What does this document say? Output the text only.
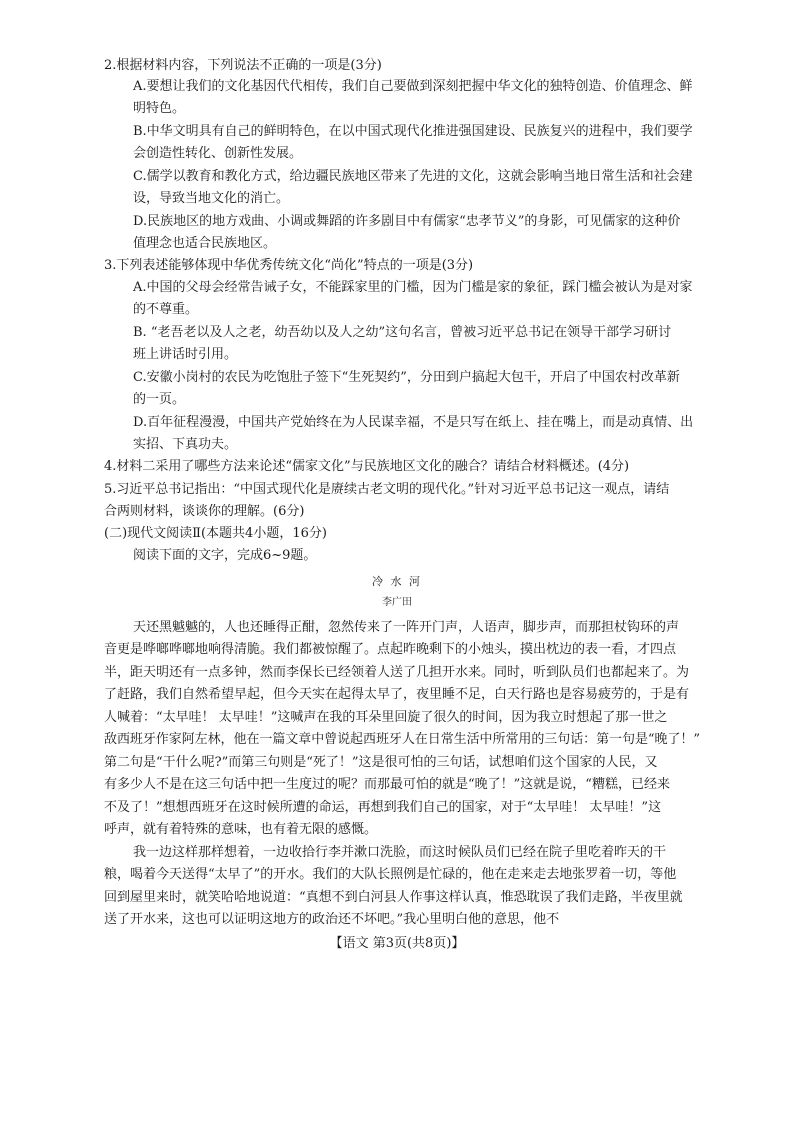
2.根据材料内容，下列说法不正确的一项是(3分)
A.要想让我们的文化基因代代相传，我们自己要做到深刻把握中华文化的独特创造、价值理念、鲜
明特色。
B.中华文明具有自己的鲜明特色，在以中国式现代化推进强国建设、民族复兴的进程中，我们要学
会创造性转化、创新性发展。
C.儒学以教育和教化方式，给边疆民族地区带来了先进的文化，这就会影响当地日常生活和社会建
设，导致当地文化的消亡。
D.民族地区的地方戏曲、小调或舞蹈的许多剧目中有儒家“忠孝节义”的身影，可见儒家的这种价
值理念也适合民族地区。
3.下列表述能够体现中华优秀传统文化“尚化”特点的一项是(3分)
A.中国的父母会经常告诫子女，不能踩家里的门槛，因为门槛是家的象征，踩门槛会被认为是对家
的不尊重。
B. “老吾老以及人之老，幼吾幼以及人之幼”这句名言，曾被习近平总书记在领导干部学习研讨
班上讲话时引用。
C.安徽小岗村的农民为吃饱肚子签下“生死契约”，分田到户搞起大包干，开启了中国农村改革新
的一页。
D.百年征程漫漫，中国共产党始终在为人民谋幸福，不是只写在纸上、挂在嘴上，而是动真情、出
实招、下真功夫。
4.材料二采用了哪些方法来论述“儒家文化”与民族地区文化的融合？请结合材料概述。(4分)
5.习近平总书记指出：“中国式现代化是赓续古老文明的现代化。”针对习近平总书记这一观点，请结
合两则材料，谈谈你的理解。(6分)
(二)现代文阅读Ⅱ(本题共4小题，16分)
阅读下面的文字，完成6~9题。
冷 水 河
李广田
天还黑魆魆的，人也还睡得正酣，忽然传来了一阵开门声，人语声，脚步声，而那担杖钩环的声
音更是哗啷哗啷地响得清脆。我们都被惊醒了。点起昨晚剩下的小烛头，摸出枕边的表一看，才四点
半，距天明还有一点多钟，然而李保长已经领着人送了几担开水来。同时，听到队员们也都起来了。为
了赶路，我们自然希望早起，但今天实在起得太早了，夜里睡不足，白天行路也是容易疲劳的，于是有
人喊着：“太早哇！ 太早哇！”这喊声在我的耳朵里回旋了很久的时间，因为我立时想起了那一世之
敌西班牙作家阿左林，他在一篇文章中曾说起西班牙人在日常生活中所常用的三句话：第一句是“晚了！”
第二句是“干什么呢?”而第三句则是“死了！”这是很可怕的三句话，试想咱们这个国家的人民，又
有多少人不是在这三句话中把一生度过的呢？而那最可怕的就是“晚了！”这就是说，“糟糕，已经来
不及了！”想想西班牙在这时候所遭的命运，再想到我们自己的国家，对于“太早哇！ 太早哇！”这
呼声，就有着特殊的意味，也有着无限的感慨。
我一边这样那样想着，一边收拾行李并漱口洗脸，而这时候队员们已经在院子里吃着昨天的干
粮，喝着今天送得“太早了”的开水。我们的大队长照例是忙碌的，他在走来走去地张罗着一切，等他
回到屋里来时，就笑哈哈地说道：“真想不到白河县人作事这样认真，惟恐耽误了我们走路，半夜里就
送了开水来，这也可以证明这地方的政治还不坏吧。”我心里明白他的意思，他不
【语文 第3页(共8页)】
